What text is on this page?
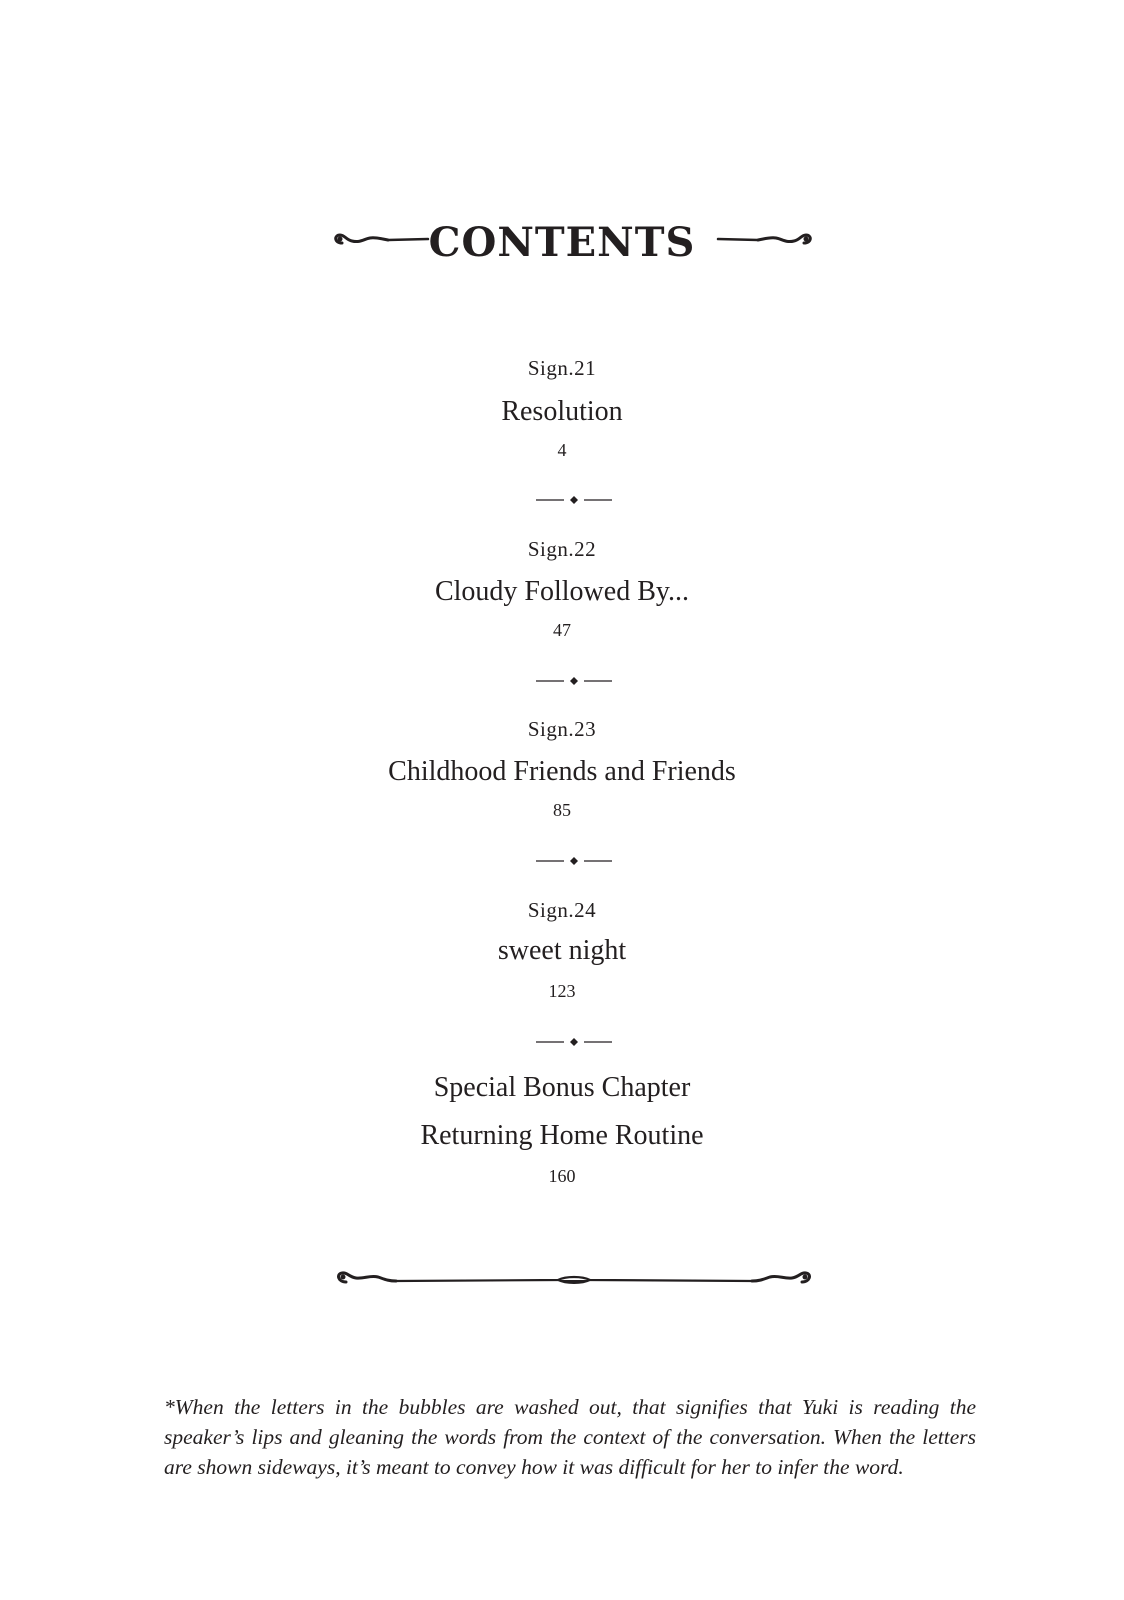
CONTENTS
Sign.21
Resolution
4
Sign.22
Cloudy Followed By...
47
Sign.23
Childhood Friends and Friends
85
Sign.24
sweet night
123
Special Bonus Chapter
Returning Home Routine
160
*When the letters in the bubbles are washed out, that signifies that Yuki is reading the speaker’s lips and gleaning the words from the context of the conversation. When the letters are shown sideways, it’s meant to convey how it was difficult for her to infer the word.
